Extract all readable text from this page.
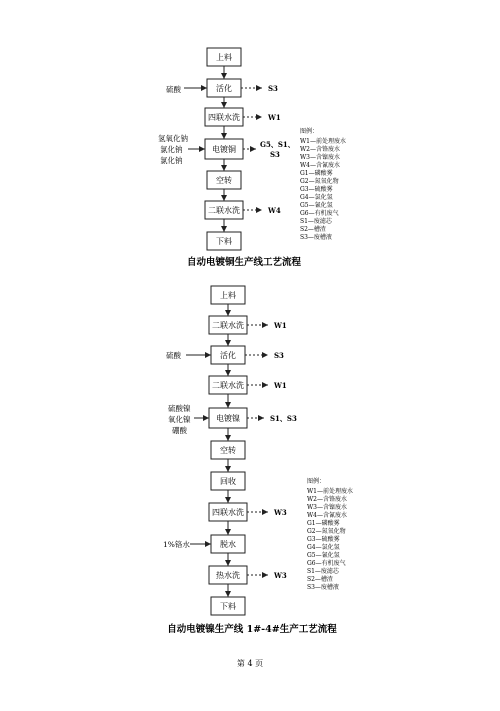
上料
活化
四联水洗
电镀铜
空转
二联水洗
下料
硫酸
氢氧化钠
氯化钠
氯化钠
S3
W1
G5、S1、
S3
W4
图例：
W1—前处理废水
W2—含铬废水
W3—含镍废水
W4—含氰废水
G1—磷酸雾
G2—氮氧化物
G3—硫酸雾
G4—氯化氢
G5—氰化氢
G6—有机废气
S1—废滤芯
S2—槽渣
S3—废槽液
自动电镀铜生产线工艺流程
上料
二联水洗
活化
二联水洗
电镀镍
空转
回收
四联水洗
脱水
热水洗
下料
硫酸
硫酸镍
氧化镍
硼酸
1%铬水
W1
S3
W1
S1、S3
W3
W3
图例：
W1—前处理废水
W2—含铬废水
W3—含镍废水
W4—含氰废水
G1—磷酸雾
G2—氮氧化物
G3—硫酸雾
G4—氯化氢
G5—氰化氢
G6—有机废气
S1—废滤芯
S2—槽渣
S3—废槽液
自动电镀镍生产线 1#-4#生产工艺流程
第 4 页
